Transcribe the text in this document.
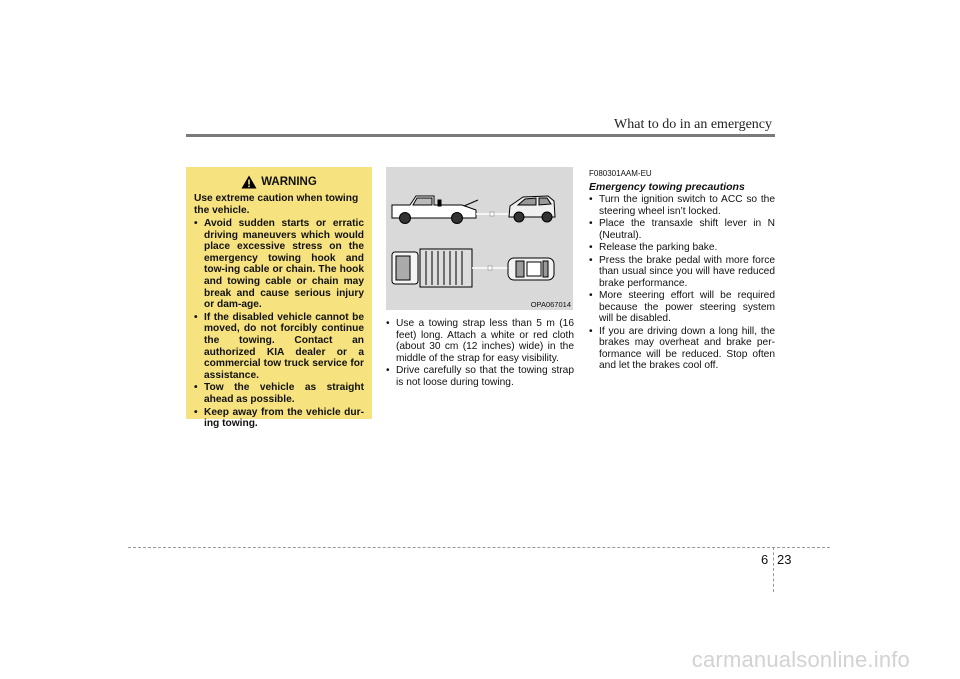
What to do in an emergency
WARNING

Use extreme caution when towing the vehicle.

• Avoid sudden starts or erratic driving maneuvers which would place excessive stress on the emergency towing hook and tow-ing cable or chain. The hook and towing cable or chain may break and cause serious injury or dam-age.
• If the disabled vehicle cannot be moved, do not forcibly continue the towing. Contact an authorized KIA dealer or a commercial tow truck service for assistance.
• Tow the vehicle as straight ahead as possible.
• Keep away from the vehicle dur-ing towing.
OPA067014
• Use a towing strap less than 5 m (16 feet) long. Attach a white or red cloth (about 30 cm (12 inches) wide) in the middle of the strap for easy visibility.
• Drive carefully so that the towing strap is not loose during towing.
F080301AAM-EU
Emergency towing precautions
• Turn the ignition switch to ACC so the steering wheel isn’t locked.
• Place the transaxle shift lever in N (Neutral).
• Release the parking bake.
• Press the brake pedal with more force than usual since you will have reduced brake performance.
• More steering effort will be required because the power steering system will be disabled.
• If you are driving down a long hill, the brakes may overheat and brake per-formance will be reduced. Stop often and let the brakes cool off.
6 23
carmanualsonline.info
